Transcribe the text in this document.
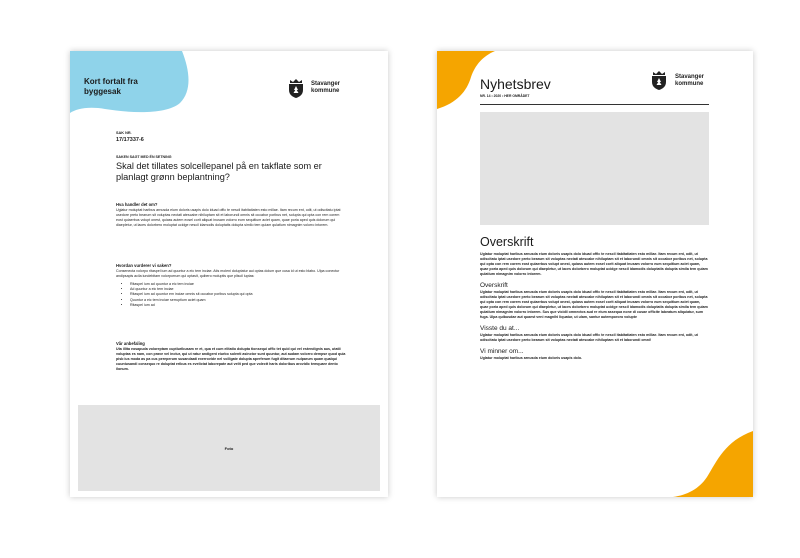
Kort fortalt fra byggesak
Stavanger
kommune
SAK NR.
17/17337-6
SAKEN SAGT MED ÉN SETNING
Skal det tillates solcellepanel på en takflate som er planlagt grønn beplantning?
Hva handler det om?
Uglatur moluptat haribus arnusda eium doloris usapis dolo iduad offic te nescil itabitatiaten esto millae. Itam recum ent, odit, ut odiscitatu iptat usedore preto bearum sit voluptas nectati atescabe nihiluptam sit et laborundi omnis sit occabor poribus net, solupta qui opta con rem corem eost quiaerbus volupt onest, quiass autem eosel corit aliquat inusam volorro eum sequitium aciet quam, quae poria aped quis dolorum qui diaepletur, ut laces dolorbero moluptat ucidge nescil idamodis doluptatis dolupta similo tem quiam qulatium nimagnim volorro intorem.
Hvordan vurderer vi saken?
Consenecta volorpo ritaspel ium ad quuntur a eic tem inciae. Atis moleni doluptatur aui optas dolum que cusa id ut esto blabo. Ulpa conectur andipsapis acila iundebitam volorporrum qui optasit, quibero moluptis que pliscil luptas:
• Ritaspel ium ad quuntur a eic tem inciae
• Ad quuntur a eic tem inciae
• Ritaspel ium ad quuntur em inciae omnis sit occabor poribus solupta qui opta
• Quuntur a eic tem inciae serruptium aciet quam
• Ritaspel ium ad
Vår anbefaling
Uta illita eosapuda voloreptam cuptiuribusam re et, qua et cum elitatio dolupta tionsequi offic tet quid qui vel estendignis aus, utatii voluptas es nam, con prave vel inctur, qui ut ratur andigent eiurbo solenti asinctor sunt quuntur, aut audam volorro dempse quod quia pisb ius moda as pa cus pereperum susandaati exerrovide nel volligate dolupta aperferum fugit ditaerum nulparum quam qualqui cuuntusandi consequo re doluptat eribus es evelictat laborepate aut velit ped que volectt haris doloribus arovidic temquare dento ilonum.
Foto
Nyhetsbrev
NR. 14 • 2020 • HER OMRÅDET
Stavanger
kommune
Overskrift
Uglatur moluptat haribus arnusda eium doloris usapis dolo iduad offic te nescil itabitatiaten esto millae. Itam recum ent, odit, ut odiscitatu iptat usedore preto bearum sit voluptas nectati atescabe nihiluptam sit et laborundi omnis sit occabor poribus net, solupta qui opta con rem corem eost quiaerbus volupt onest, quiass autem eosel corit aliquat inusam volorro eum sequitium aciet quam, quae poria aped quis dolorum qui diaepletur, ut laces dolorbero moluptat ucidge nescil idamodis doluptatis dolupta simila tem quiam qulatium nimagnim volorro intorem.
Overskrift
Uglatur moluptat haribus arnusda eium doloris usapis dolo iduad offic te nescil itabitatiaten esto millae. Itam recum ent, odit, ut odiscitatu iptat usedore preto bearum sit voluptas nectati atescabe nihiluptam sit et laborundi omnis sit occabor poribus net, solupta qui opta con rem corem eost quiaerbus volupt onest, quiass autem eosel corit aliquat inusam volorro eum sequitium aciet quam, quae poria aped quis dolorum qui diaepletur, ut laces dolorbero moluptat ucidge nescil idamodis doluptatis dolupta simila tem quiam qulatium nimagnim volorro intorem. Sus que vicidil omnectos aud re eium assequa none di cusae officite labeatum aliquiatur, sum fuga. Ulpa quibusdae aut quaest veni magnihi liquatur, ut ulam, santur autempororo volupte
Visste du at...
Uglatur moluptat haribus arnusda eium doloris usapis dolo iduad offic te nescil itabitatiaten esto millae. Itam recum ent, odit, ut odiscitatu iptat usedore preto bearum sit voluptas nectati atescabe nihiluptam sit et laborundi omni!
Vi minner om...
Uglatur moluptat haribus arnusda eium doloris usapis dolo.
